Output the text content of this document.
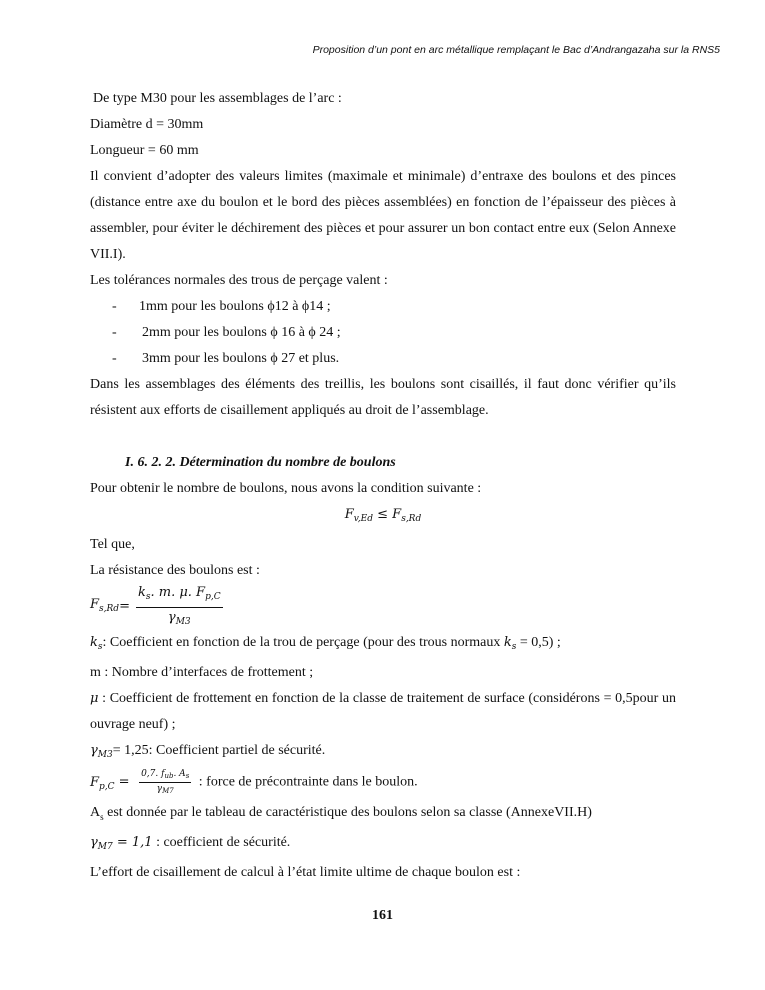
Proposition d’un pont en arc métallique remplaçant le Bac d’Andrangazaha sur la RNS5

De type M30 pour les assemblages de l’arc :

Diamètre d = 30mm

Longueur = 60 mm

Il convient d’adopter des valeurs limites (maximale et minimale) d’entraxe des boulons et des pinces (distance entre axe du boulon et le bord des pièces assemblées) en fonction de l’épaisseur des pièces à assembler, pour éviter le déchirement des pièces et pour assurer un bon contact entre eux (Selon Annexe VII.I).

Les tolérances normales des trous de perçage valent :

-	1mm pour les boulons ϕ12 à ϕ14 ;
-	2mm pour les boulons ϕ 16 à ϕ 24 ;
-	3mm pour les boulons ϕ 27 et plus.

Dans les assemblages des éléments des treillis, les boulons sont cisaillés, il faut donc vérifier qu’ils résistent aux efforts de cisaillement appliqués au droit de l’assemblage.

I. 6. 2. 2. Détermination du nombre de boulons

Pour obtenir le nombre de boulons, nous avons la condition suivante :

$F_{v,Ed} \le F_{s,Rd}$

Tel que,

La résistance des boulons est :

$F_{s,Rd} = \frac{k_s. m. \mu. F_{p,C}}{\gamma_{M3}}$

$k_s$: Coefficient en fonction de la trou de perçage (pour des trous normaux $k_s = 0,5$) ;

m : Nombre d’interfaces de frottement ;

μ : Coefficient de frottement en fonction de la classe de traitement de surface (considérons = 0,5pour un ouvrage neuf) ;

$\gamma_{M3}= 1,25$: Coefficient partiel de sécurité.

$F_{p,C} = \frac{0,7. f_{ub}. A_s}{\gamma_{M7}}$ : force de précontrainte dans le boulon.

$A_s$ est donnée par le tableau de caractéristique des boulons selon sa classe (AnnexeVII.H)

$\gamma_{M7} = 1,1$ : coefficient de sécurité.

L’effort de cisaillement de calcul à l’état limite ultime de chaque boulon est :

161
